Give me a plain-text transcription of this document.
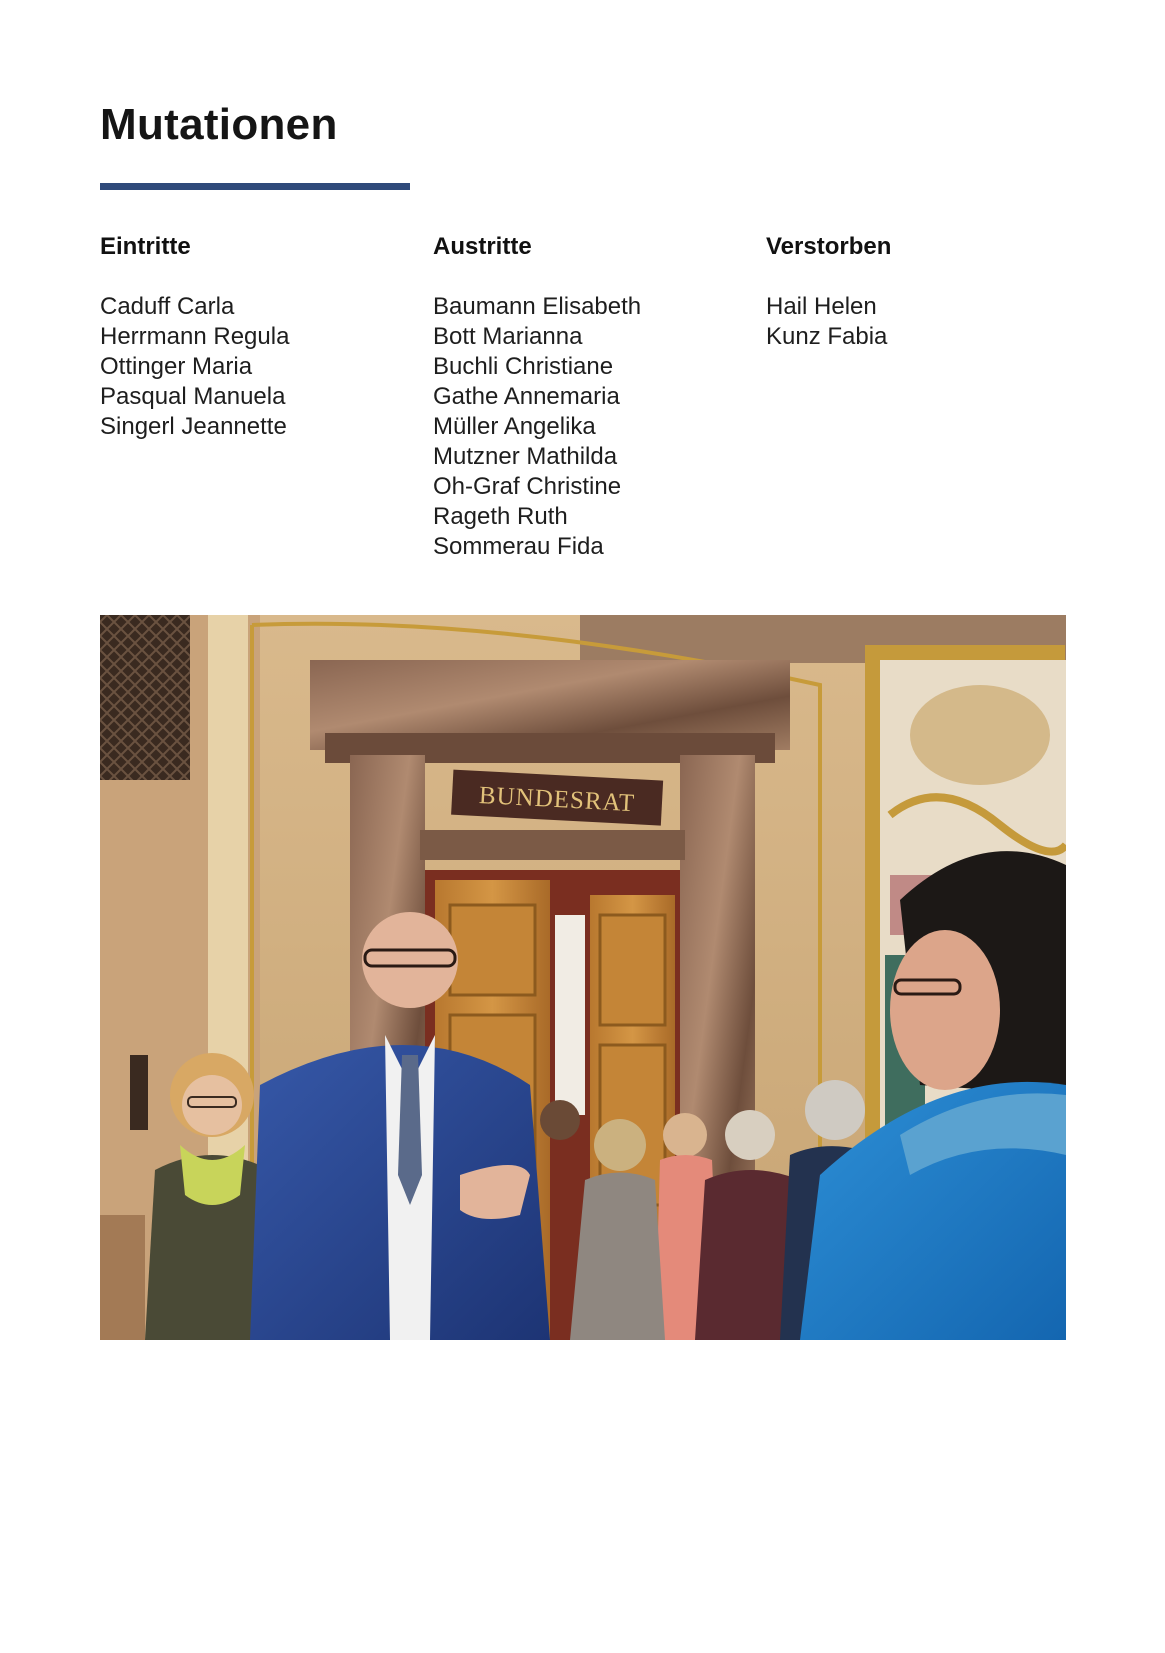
Mutationen
Eintritte
Caduff Carla
Herrmann Regula
Ottinger Maria
Pasqual Manuela
Singerl Jeannette
Austritte
Baumann Elisabeth
Bott Marianna
Buchli Christiane
Gathe Annemaria
Müller Angelika
Mutzner Mathilda
Oh-Graf Christine
Rageth Ruth
Sommerau Fida
Verstorben
Hail Helen
Kunz Fabia
BUNDESRAT
